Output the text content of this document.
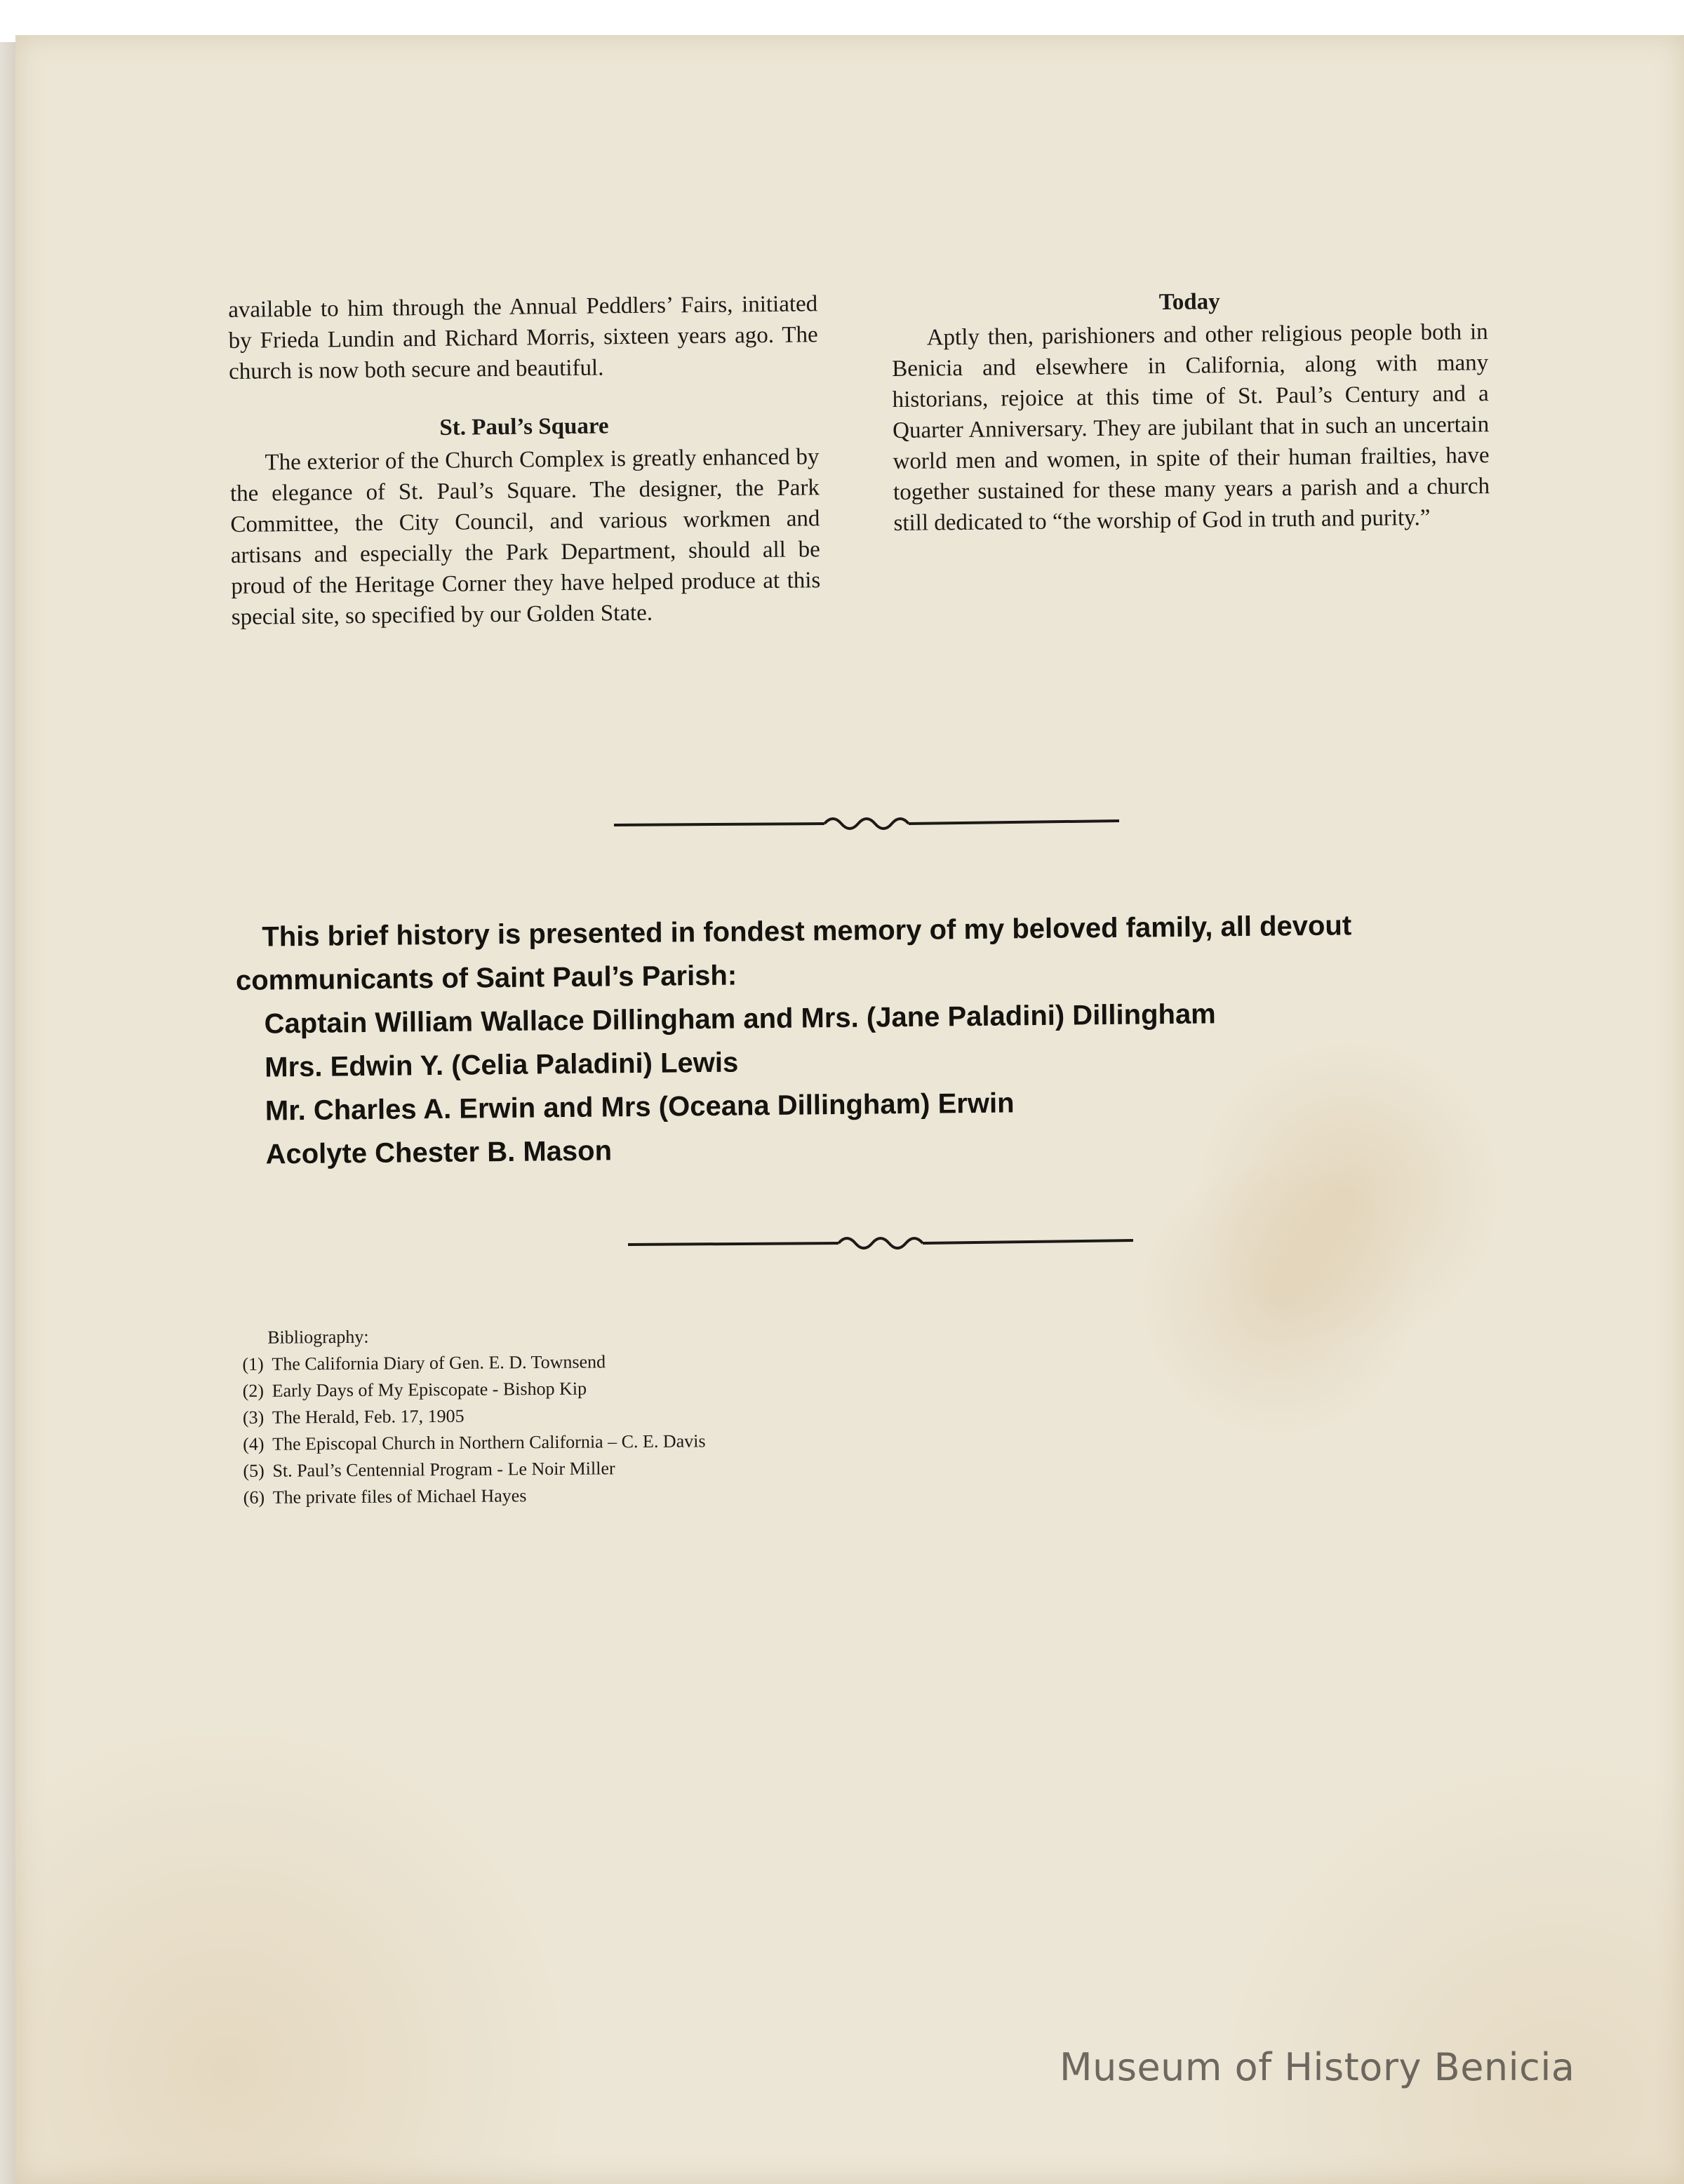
available to him through the Annual Peddlers’ Fairs, initiated by Frieda Lundin and Richard Morris, sixteen years ago. The church is now both secure and beautiful.

St. Paul’s Square

The exterior of the Church Complex is greatly enhanced by the elegance of St. Paul’s Square. The designer, the Park Committee, the City Council, and various workmen and artisans and especially the Park Department, should all be proud of the Heritage Corner they have helped produce at this special site, so specified by our Golden State.

Today

Aptly then, parishioners and other religious people both in Benicia and elsewhere in California, along with many historians, rejoice at this time of St. Paul’s Century and a Quarter Anniversary. They are jubilant that in such an uncertain world men and women, in spite of their human frailties, have together sustained for these many years a parish and a church still dedicated to “the worship of God in truth and purity.”

This brief history is presented in fondest memory of my beloved family, all devout communicants of Saint Paul’s Parish:

Captain William Wallace Dillingham and Mrs. (Jane Paladini) Dillingham
Mrs. Edwin Y. (Celia Paladini) Lewis
Mr. Charles A. Erwin and Mrs (Oceana Dillingham) Erwin
Acolyte Chester B. Mason
Bibliography:
(1) The California Diary of Gen. E. D. Townsend
(2) Early Days of My Episcopate - Bishop Kip
(3) The Herald, Feb. 17, 1905
(4) The Episcopal Church in Northern California – C. E. Davis
(5) St. Paul’s Centennial Program - Le Noir Miller
(6) The private files of Michael Hayes
Museum of History Benicia
